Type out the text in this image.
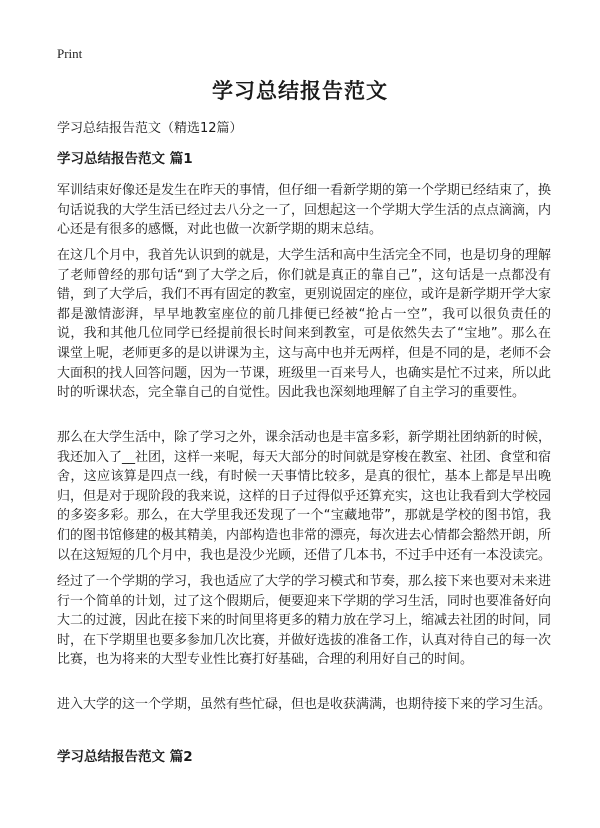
Print
学习总结报告范文
学习总结报告范文（精选12篇）
学习总结报告范文 篇1

军训结束好像还是发生在昨天的事情，但仔细一看新学期的第一个学期已经结束了，换句话说我的大学生活已经过去八分之一了，回想起这一个学期大学生活的点点滴滴，内心还是有很多的感慨，对此也做一次新学期的期末总结。

在这几个月中，我首先认识到的就是，大学生活和高中生活完全不同，也是切身的理解了老师曾经的那句话“到了大学之后，你们就是真正的靠自己”，这句话是一点都没有错，到了大学后，我们不再有固定的教室，更别说固定的座位，或许是新学期开学大家都是激情澎湃，早早地教室座位的前几排便已经被“抢占一空”，我可以很负责任的说，我和其他几位同学已经提前很长时间来到教室，可是依然失去了“宝地”。那么在课堂上呢，老师更多的是以讲课为主，这与高中也并无两样，但是不同的是，老师不会大面积的找人回答问题，因为一节课，班级里一百来号人，也确实是忙不过来，所以此时的听课状态，完全靠自己的自觉性。因此我也深刻地理解了自主学习的重要性。

那么在大学生活中，除了学习之外，课余活动也是丰富多彩，新学期社团纳新的时候，我还加入了__社团，这样一来呢，每天大部分的时间就是穿梭在教室、社团、食堂和宿舍，这应该算是四点一线，有时候一天事情比较多，是真的很忙，基本上都是早出晚归，但是对于现阶段的我来说，这样的日子过得似乎还算充实，这也让我看到大学校园的多姿多彩。那么，在大学里我还发现了一个“宝藏地带”，那就是学校的图书馆，我们的图书馆修建的极其精美，内部构造也非常的漂亮，每次进去心情都会豁然开朗，所以在这短短的几个月中，我也是没少光顾，还借了几本书，不过手中还有一本没读完。

经过了一个学期的学习，我也适应了大学的学习模式和节奏，那么接下来也要对未来进行一个简单的计划，过了这个假期后，便要迎来下学期的学习生活，同时也要准备好向大二的过渡，因此在接下来的时间里将更多的精力放在学习上，缩减去社团的时间，同时，在下学期里也要多参加几次比赛，并做好选拔的准备工作，认真对待自己的每一次比赛，也为将来的大型专业性比赛打好基础，合理的利用好自己的时间。

进入大学的这一个学期，虽然有些忙碌，但也是收获满满，也期待接下来的学习生活。

学习总结报告范文 篇2
